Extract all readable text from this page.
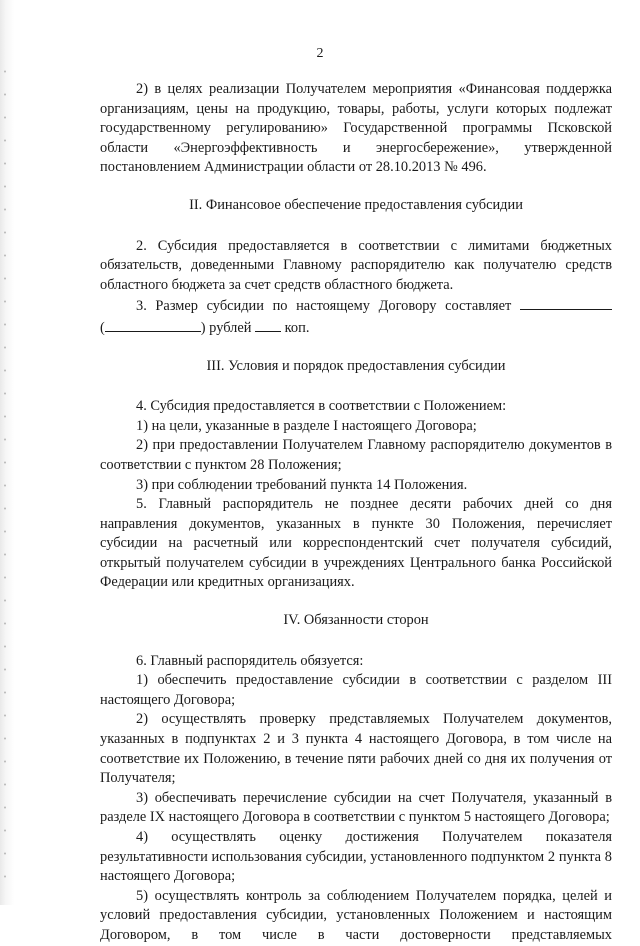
2

2) в целях реализации Получателем мероприятия «Финансовая поддержка организациям, цены на продукцию, товары, работы, услуги которых подлежат государственному регулированию» Государственной программы Псковской области «Энергоэффективность и энергосбережение», утвержденной постановлением Администрации области от 28.10.2013 № 496.

II. Финансовое обеспечение предоставления субсидии

2. Субсидия предоставляется в соответствии с лимитами бюджетных обязательств, доведенными Главному распорядителю как получателю средств областного бюджета за счет средств областного бюджета.

3. Размер субсидии по настоящему Договору составляет

(	) рублей коп.

III. Условия и порядок предоставления субсидии

4. Субсидия предоставляется в соответствии с Положением:

1) на цели, указанные в разделе I настоящего Договора;

2) при предоставлении Получателем Главному распорядителю документов в соответствии с пунктом 28 Положения;

3) при соблюдении требований пункта 14 Положения.

5. Главный распорядитель не позднее десяти рабочих дней со дня направления документов, указанных в пункте 30 Положения, перечисляет субсидии на расчетный или корреспондентский счет получателя субсидий, открытый получателем субсидии в учреждениях Центрального банка Российской Федерации или кредитных организациях.

IV. Обязанности сторон

6. Главный распорядитель обязуется:

1) обеспечить предоставление субсидии в соответствии с разделом III настоящего Договора;

2) осуществлять проверку представляемых Получателем документов, указанных в подпунктах 2 и 3 пункта 4 настоящего Договора, в том числе на соответствие их Положению, в течение пяти рабочих дней со дня их получения от Получателя;

3) обеспечивать перечисление субсидии на счет Получателя, указанный в разделе IX настоящего Договора в соответствии с пунктом 5 настоящего Договора;

4) осуществлять оценку достижения Получателем показателя результативности использования субсидии, установленного подпунктом 2 пункта 8 настоящего Договора;

5) осуществлять контроль за соблюдением Получателем порядка, целей и условий предоставления субсидии, установленных Положением и настоящим Договором, в том числе в части достоверности представляемых
